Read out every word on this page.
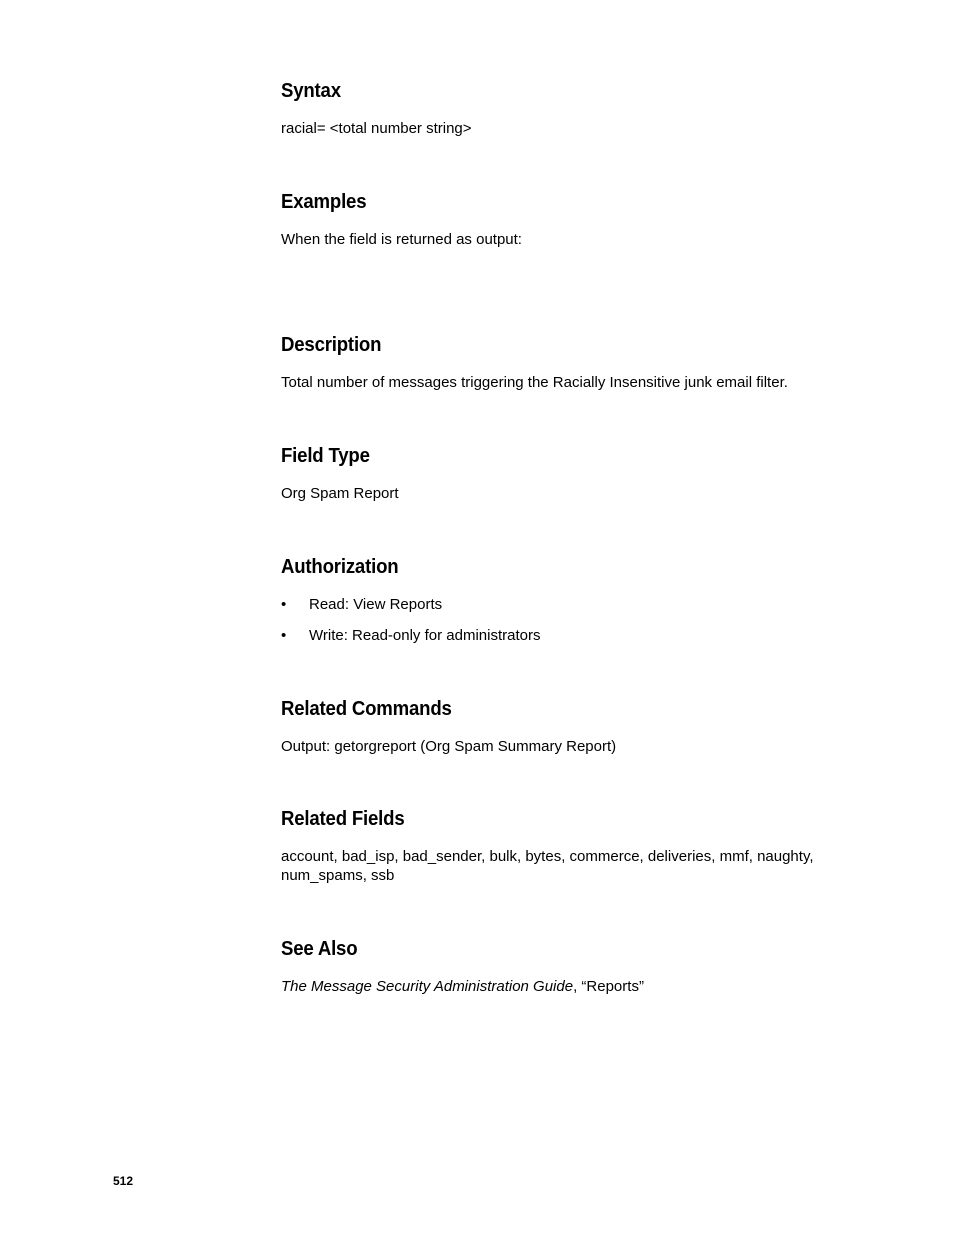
Syntax

racial= <total number string>

Examples

When the field is returned as output:

Description

Total number of messages triggering the Racially Insensitive junk email filter.

Field Type

Org Spam Report

Authorization
• Read: View Reports
• Write: Read-only for administrators
Related Commands

Output: getorgreport (Org Spam Summary Report)

Related Fields

account, bad_isp, bad_sender, bulk, bytes, commerce, deliveries, mmf, naughty, num_spams, ssb

See Also

The Message Security Administration Guide, “Reports”

512
